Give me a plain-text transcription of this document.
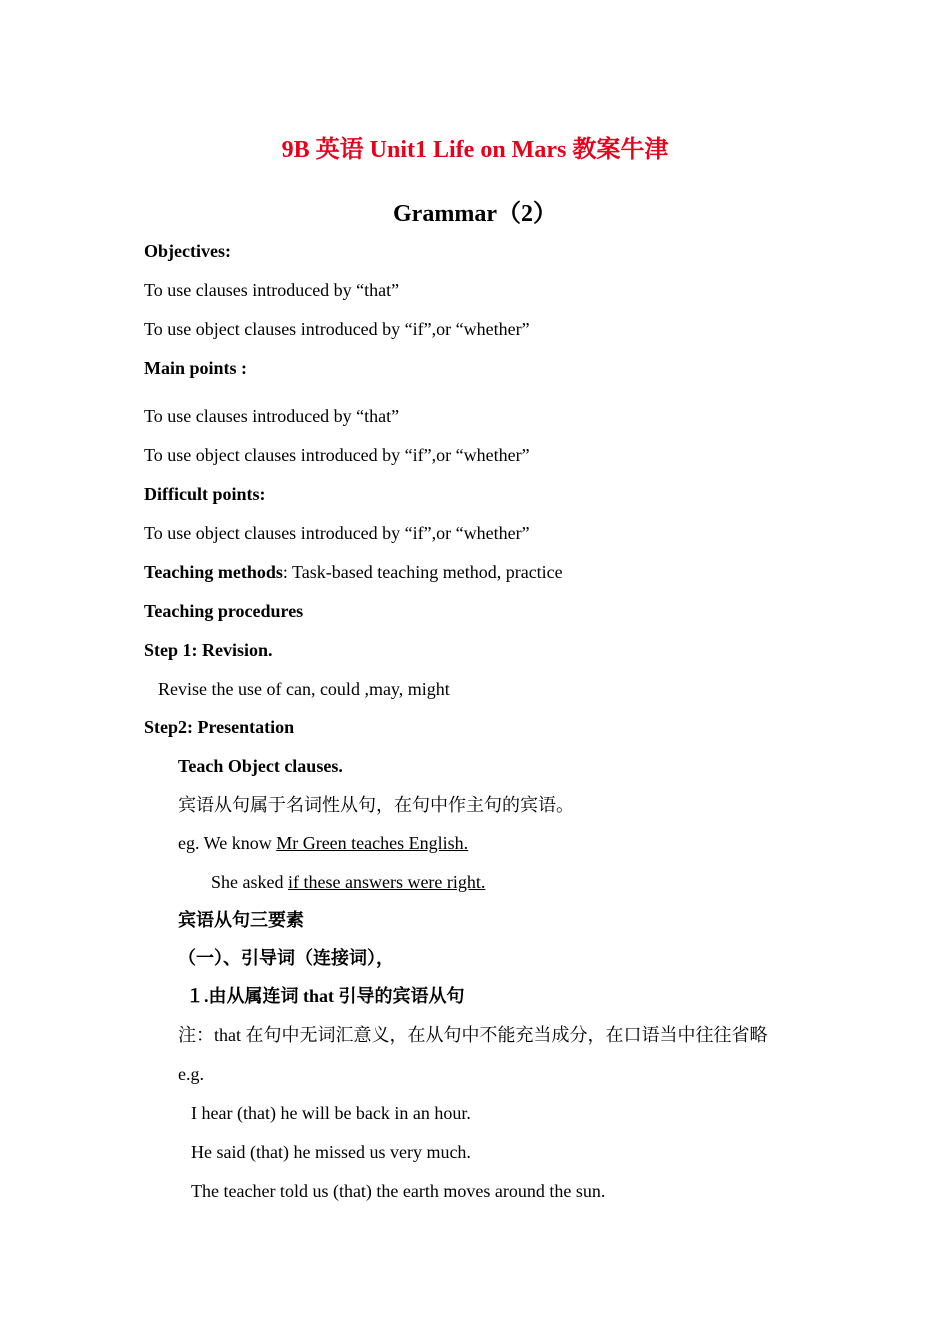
9B 英语 Unit1 Life on Mars 教案牛津
Grammar（2）
Objectives:
To use clauses introduced by “that”
To use object clauses introduced by “if”,or “whether”
Main points :
To use clauses introduced by “that”
To use object clauses introduced by “if”,or “whether”
Difficult points:
To use object clauses introduced by “if”,or “whether”
Teaching methods: Task-based teaching method, practice
Teaching procedures
Step 1: Revision.
Revise the use of can, could ,may, might
Step2: Presentation
Teach Object clauses.
宾语从句属于名词性从句，在句中作主句的宾语。
eg. We know Mr Green teaches English.
She asked if these answers were right.
宾语从句三要素
（一）、引导词（连接词），
１.由从属连词 that 引导的宾语从句
注：that 在句中无词汇意义，在从句中不能充当成分，在口语当中往往省略
e.g.
I hear (that) he will be back in an hour.
He said (that) he missed us very much.
The teacher told us (that) the earth moves around the sun.
